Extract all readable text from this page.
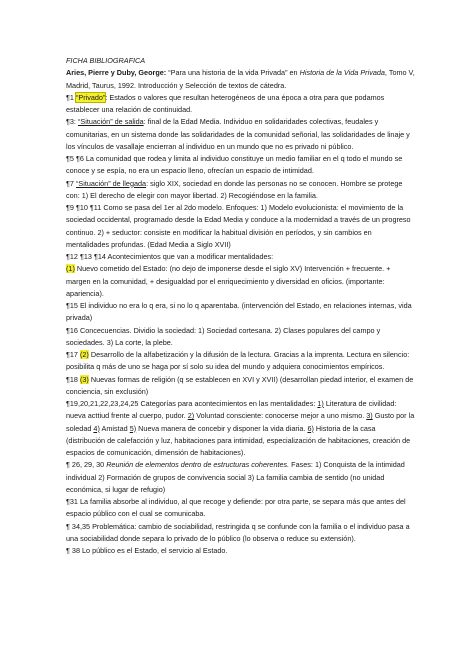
FICHA BIBLIOGRAFICA

Aries, Pierre y Duby, George: “Para una historia de la vida Privada” en Historia de la Vida Privada, Tomo V, Madrid, Taurus, 1992. Introducción y Selección de textos de cátedra.

¶1 “Privado”: Estados o valores que resultan heterogéneos de una época a otra para que podamos establecer una relación de continuidad.

¶3: “Situación” de salida: final de la Edad Media. Individuo en solidaridades colectivas, feudales y comunitarias, en un sistema donde las solidaridades de la comunidad señorial, las solidaridades de linaje y los vínculos de vasallaje encierran al individuo en un mundo que no es privado ni público.

¶5 ¶6 La comunidad que rodea y limita al individuo constituye un medio familiar en el q todo el mundo se conoce y se espía, no era un espacio lleno, ofrecían un espacio de intimidad.

¶7 “Situación” de llegada: siglo XIX, sociedad en donde las personas no se conocen. Hombre se protege con: 1) El derecho de elegir con mayor libertad. 2) Recogiéndose en la familia.

¶9 ¶10 ¶11 Como se pasa del 1er al 2do modelo. Enfoques: 1) Modelo evolucionista: el movimiento de la sociedad occidental, programado desde la Edad Media y conduce a la modernidad a través de un progreso continuo. 2) + seductor: consiste en modificar la habitual división en períodos, y sin cambios en mentalidades profundas. (Edad Media a Siglo XVII)

¶12 ¶13 ¶14 Acontecimientos que van a modificar mentalidades:

(1) Nuevo cometido del Estado: (no dejo de imponerse desde el siglo XV) Intervención + frecuente. + margen en la comunidad, + desigualdad por el enriquecimiento y diversidad en oficios. (importante: apariencia).

¶15 El individuo no era lo q era, si no lo q aparentaba. (intervención del Estado, en relaciones internas, vida privada)

¶16 Concecuencias. Dividio la sociedad: 1) Sociedad cortesana. 2) Clases populares del campo y sociedades. 3) La corte, la plebe.

¶17 (2) Desarrollo de la alfabetización y la difusión de la lectura. Gracias a la imprenta. Lectura en silencio: posibilita q más de uno se haga por sí solo su idea del mundo y adquiera conocimientos empíricos.

¶18 (3) Nuevas formas de religión (q se establecen en XVI y XVII) (desarrollan piedad interior, el examen de conciencia, sin exclusión)

¶19,20,21,22,23,24,25 Categorías para acontecimientos en las mentalidades: 1) Literatura de civilidad: nueva acttiud frente al cuerpo, pudor. 2) Voluntad consciente: conocerse mejor a uno mismo. 3) Gusto por la soledad 4) Amistad 5) Nueva manera de concebir y disponer la vida diaria. 6) Historia de la casa (distribución de calefacción y luz, habitaciones para intimidad, especialización de habitaciones, creación de espacios de comunicación, dimensión de habitaciones).

¶ 26, 29, 30 Reunión de elementos dentro de estructuras coherentes. Fases: 1) Conquista de la intimidad individual 2) Formación de grupos de convivencia social 3) La familia cambia de sentido (no unidad económica, si lugar de refugio)

¶31 La familia absorbe al individuo, al que recoge y defiende: por otra parte, se separa más que antes del espacio público con el cual se comunicaba.

¶ 34,35 Problemática: cambio de sociabilidad, restringida q se confunde con la familia o el individuo pasa a una sociabilidad donde separa lo privado de lo público (lo observa o reduce su extensión).

¶ 38 Lo público es el Estado, el servicio al Estado.
